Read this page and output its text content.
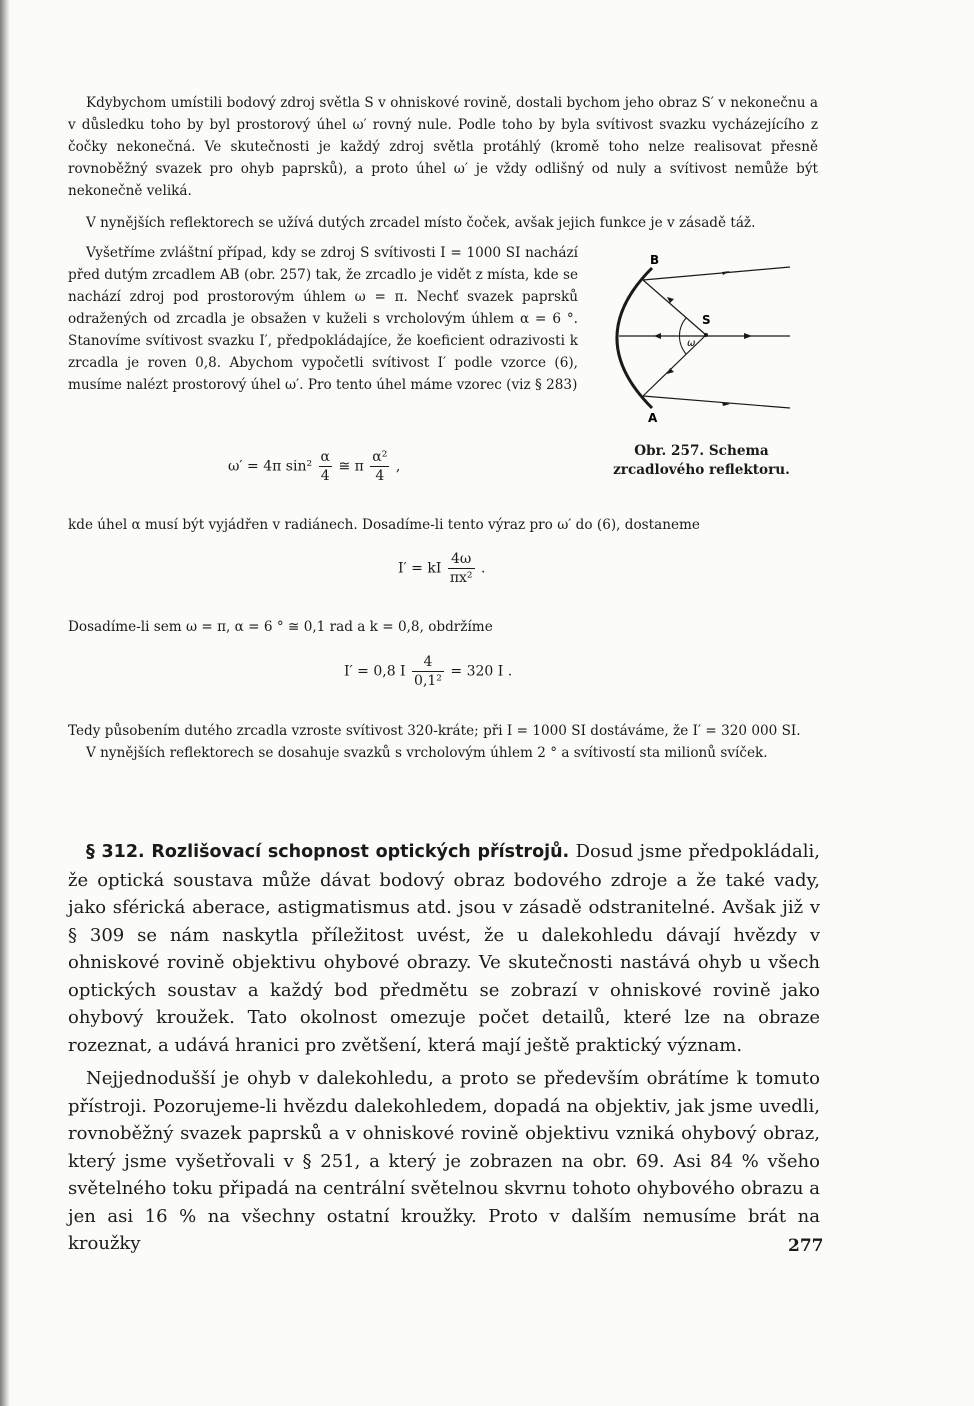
Kdybychom umístili bodový zdroj světla S v ohniskové rovině, dostali bychom jeho obraz S′ v nekonečnu a v důsledku toho by byl prostorový úhel ω′ rovný nule. Podle toho by byla svítivost svazku vycházejícího z čočky nekonečná. Ve skutečnosti je každý zdroj světla protáhlý (kromě toho nelze realisovat přesně rovnoběžný svazek pro ohyb paprsků), a proto úhel ω′ je vždy odlišný od nuly a svítivost nemůže být nekonečně veliká.

V nynějších reflektorech se užívá dutých zrcadel místo čoček, avšak jejich funkce je v zásadě táž.

Vyšetříme zvláštní případ, kdy se zdroj S svítivosti I = 1000 SI nachází před dutým zrcadlem AB (obr. 257) tak, že zrcadlo je vidět z místa, kde se nachází zdroj pod prostorovým úhlem ω = π. Nechť svazek paprsků odražených od zrcadla je obsažen v kuželi s vrcholovým úhlem α = 6 °. Stanovíme svítivost svazku I′, předpokládajíce, že koeficient odrazivosti k zrcadla je roven 0,8. Abychom vypočetli svítivost I′ podle vzorce (6), musíme nalézt prostorový úhel ω′. Pro tento úhel máme vzorec (viz § 283)

ω′ = 4π $\sin^2 \frac{\alpha}{4}$ ≅ π $\frac{\text{α²}}{4}$ ,
B
A
S
ω
Obr. 257. Schema zrcadlového reflektoru.

kde úhel α musí být vyjádřen v radiánech. Dosadíme-li tento výraz pro ω′ do (6), dostaneme

I′ = kI $\frac{4\omega}{\text{πx²}}$ .

Dosadíme-li sem ω = π, α = 6 ° ≅ 0,1 rad a k = 0,8, obdržíme

I′ = 0,8 I $\frac{4}{\text{0,1²}} = 320$ I .

Tedy působením dutého zrcadla vzroste svítivost 320-kráte; při I = 1000 SI dostáváme, že I′ = 320 000 SI.

V nynějších reflektorech se dosahuje svazků s vrcholovým úhlem 2 ° a svítivostí sta milionů svíček.

§ 312. Rozlišovací schopnost optických přístrojů. Dosud jsme předpokládali, že optická soustava může dávat bodový obraz bodového zdroje a že také vady, jako sférická aberace, astigmatismus atd. jsou v zásadě odstranitelné. Avšak již v § 309 se nám naskytla příležitost uvést, že u dalekohledu dávají hvězdy v ohniskové rovině objektivu ohybové obrazy. Ve skutečnosti nastává ohyb u všech optických soustav a každý bod předmětu se zobrazí v ohniskové rovině jako ohybový kroužek. Tato okolnost omezuje počet detailů, které lze na obraze rozeznat, a udává hranici pro zvětšení, která mají ještě praktický význam.

Nejjednodušší je ohyb v dalekohledu, a proto se především obrátíme k tomuto přístroji. Pozorujeme-li hvězdu dalekohledem, dopadá na objektiv, jak jsme uvedli, rovnoběžný svazek paprsků a v ohniskové rovině objektivu vzniká ohybový obraz, který jsme vyšetřovali v § 251, a který je zobrazen na obr. 69. Asi 84 % všeho světelného toku připadá na centrální světelnou skvrnu tohoto ohybového obrazu a jen asi 16 % na všechny ostatní kroužky. Proto v dalším nemusíme brát na kroužky	277
